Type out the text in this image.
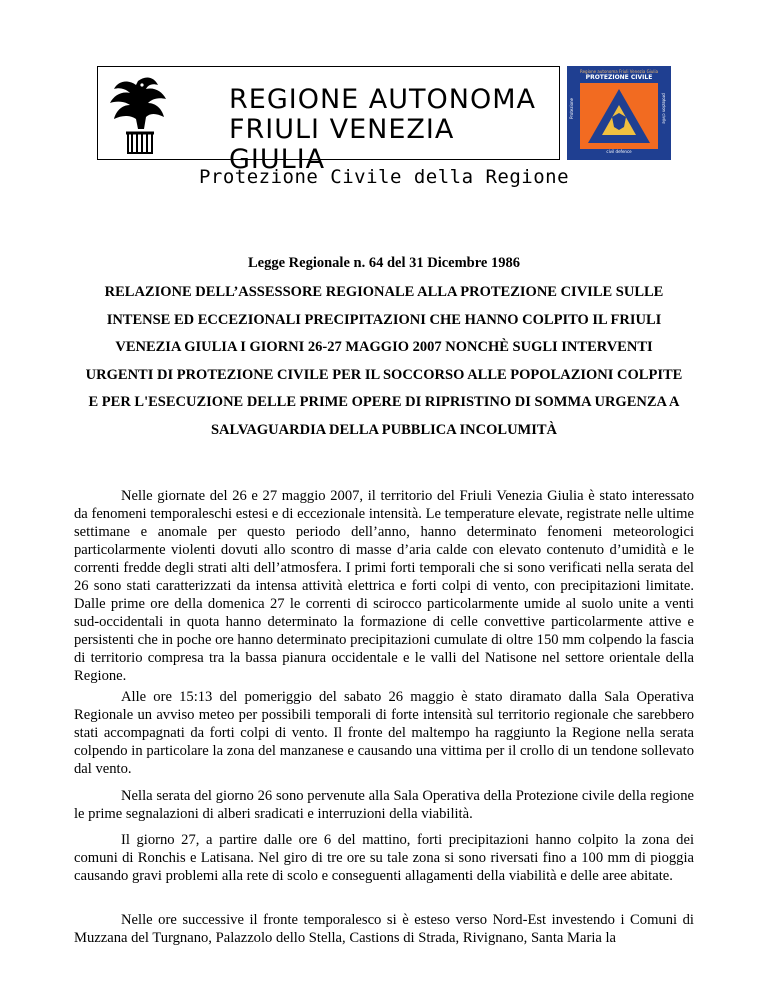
REGIONE AUTONOMA
FRIULI VENEZIA GIULIA
Regione autonoma Friuli Venezia Giulia
PROTEZIONE CIVILE
Protezione	protezion civile
civil defence
Protezione Civile della Regione
Legge Regionale n. 64 del 31 Dicembre 1986
RELAZIONE DELL’ASSESSORE REGIONALE ALLA PROTEZIONE CIVILE SULLE INTENSE ED ECCEZIONALI PRECIPITAZIONI CHE HANNO COLPITO IL FRIULI VENEZIA GIULIA I GIORNI 26-27 MAGGIO 2007 NONCHÈ SUGLI INTERVENTI URGENTI DI PROTEZIONE CIVILE PER IL SOCCORSO ALLE POPOLAZIONI COLPITE E PER L'ESECUZIONE DELLE PRIME OPERE DI RIPRISTINO DI SOMMA URGENZA A SALVAGUARDIA DELLA PUBBLICA INCOLUMITÀ

Nelle giornate del 26 e 27 maggio 2007, il territorio del Friuli Venezia Giulia è stato interessato da fenomeni temporaleschi estesi e di eccezionale intensità. Le temperature elevate, registrate nelle ultime settimane e anomale per questo periodo dell’anno, hanno determinato fenomeni meteorologici particolarmente violenti dovuti allo scontro di masse d’aria calde con elevato contenuto d’umidità e le correnti fredde degli strati alti dell’atmosfera. I primi forti temporali che si sono verificati nella serata del 26 sono stati caratterizzati da intensa attività elettrica e forti colpi di vento, con precipitazioni limitate. Dalle prime ore della domenica 27 le correnti di scirocco particolarmente umide al suolo unite a venti sud-occidentali in quota hanno determinato la formazione di celle convettive particolarmente attive e persistenti che in poche ore hanno determinato precipitazioni cumulate di oltre 150 mm colpendo la fascia di territorio compresa tra la bassa pianura occidentale e le valli del Natisone nel settore orientale della Regione.

Alle ore 15:13 del pomeriggio del sabato 26 maggio è stato diramato dalla Sala Operativa Regionale un avviso meteo per possibili temporali di forte intensità sul territorio regionale che sarebbero stati accompagnati da forti colpi di vento. Il fronte del maltempo ha raggiunto la Regione nella serata colpendo in particolare la zona del manzanese e causando una vittima per il crollo di un tendone sollevato dal vento.

Nella serata del giorno 26 sono pervenute alla Sala Operativa della Protezione civile della regione le prime segnalazioni di alberi sradicati e interruzioni della viabilità.

Il giorno 27, a partire dalle ore 6 del mattino, forti precipitazioni hanno colpito la zona dei comuni di Ronchis e Latisana. Nel giro di tre ore su tale zona si sono riversati fino a 100 mm di pioggia causando gravi problemi alla rete di scolo e conseguenti allagamenti della viabilità e delle aree abitate.

Nelle ore successive il fronte temporalesco si è esteso verso Nord-Est investendo i Comuni di Muzzana del Turgnano, Palazzolo dello Stella, Castions di Strada, Rivignano, Santa Maria la
